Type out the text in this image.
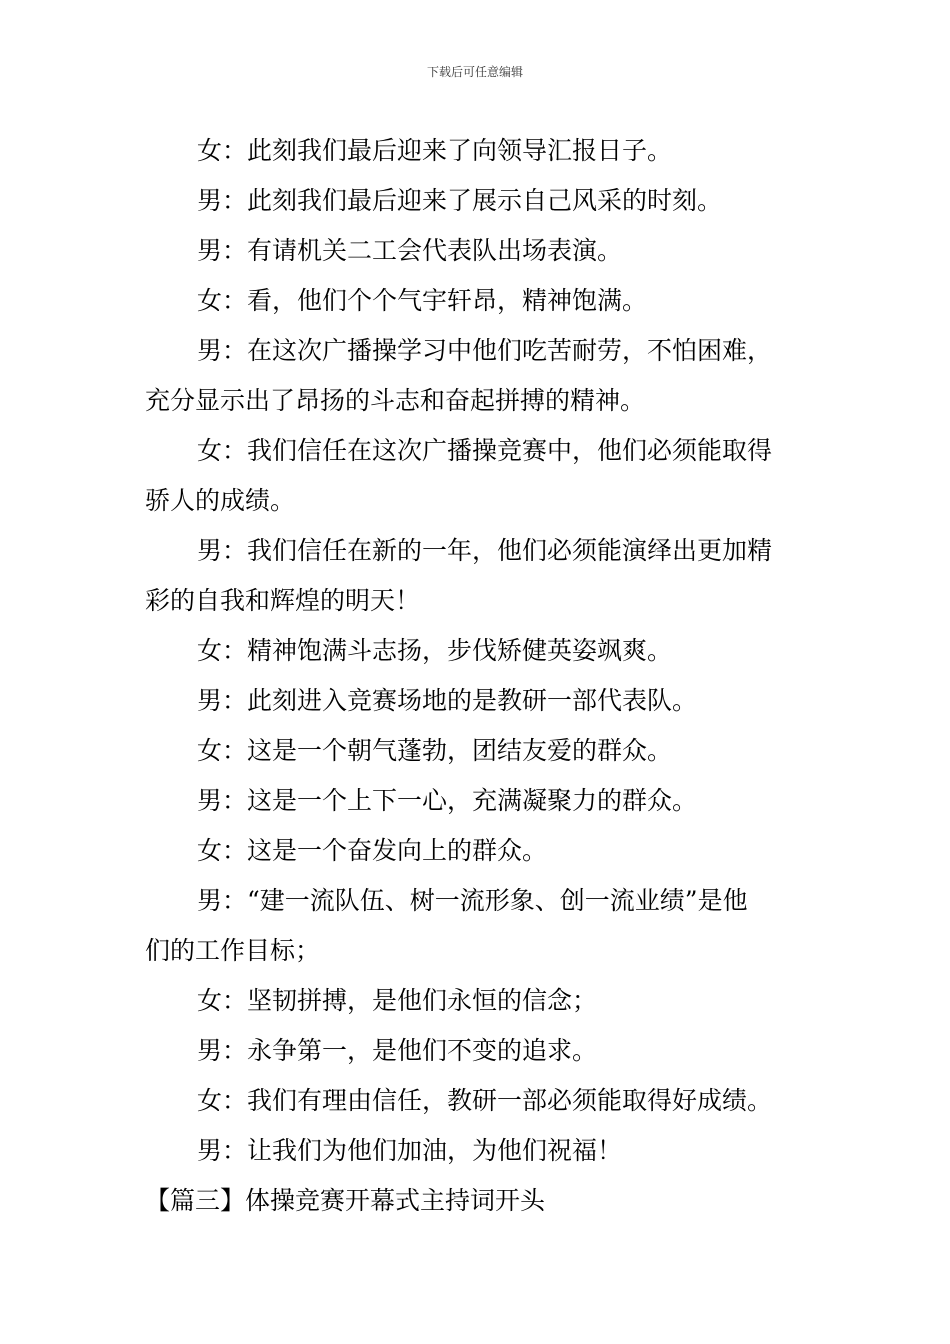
下载后可任意编辑

女：此刻我们最后迎来了向领导汇报日子。

男：此刻我们最后迎来了展示自己风采的时刻。

男：有请机关二工会代表队出场表演。

女：看，他们个个气宇轩昂，精神饱满。

男：在这次广播操学习中他们吃苦耐劳，不怕困难，
充分显示出了昂扬的斗志和奋起拼搏的精神。

女：我们信任在这次广播操竞赛中，他们必须能取得
骄人的成绩。

男：我们信任在新的一年，他们必须能演绎出更加精
彩的自我和辉煌的明天！

女：精神饱满斗志扬，步伐矫健英姿飒爽。

男：此刻进入竞赛场地的是教研一部代表队。

女：这是一个朝气蓬勃，团结友爱的群众。

男：这是一个上下一心，充满凝聚力的群众。

女：这是一个奋发向上的群众。

男：“建一流队伍、树一流形象、创一流业绩”是他
们的工作目标；

女：坚韧拼搏，是他们永恒的信念；

男：永争第一，是他们不变的追求。

女：我们有理由信任，教研一部必须能取得好成绩。

男：让我们为他们加油，为他们祝福！

【篇三】体操竞赛开幕式主持词开头
